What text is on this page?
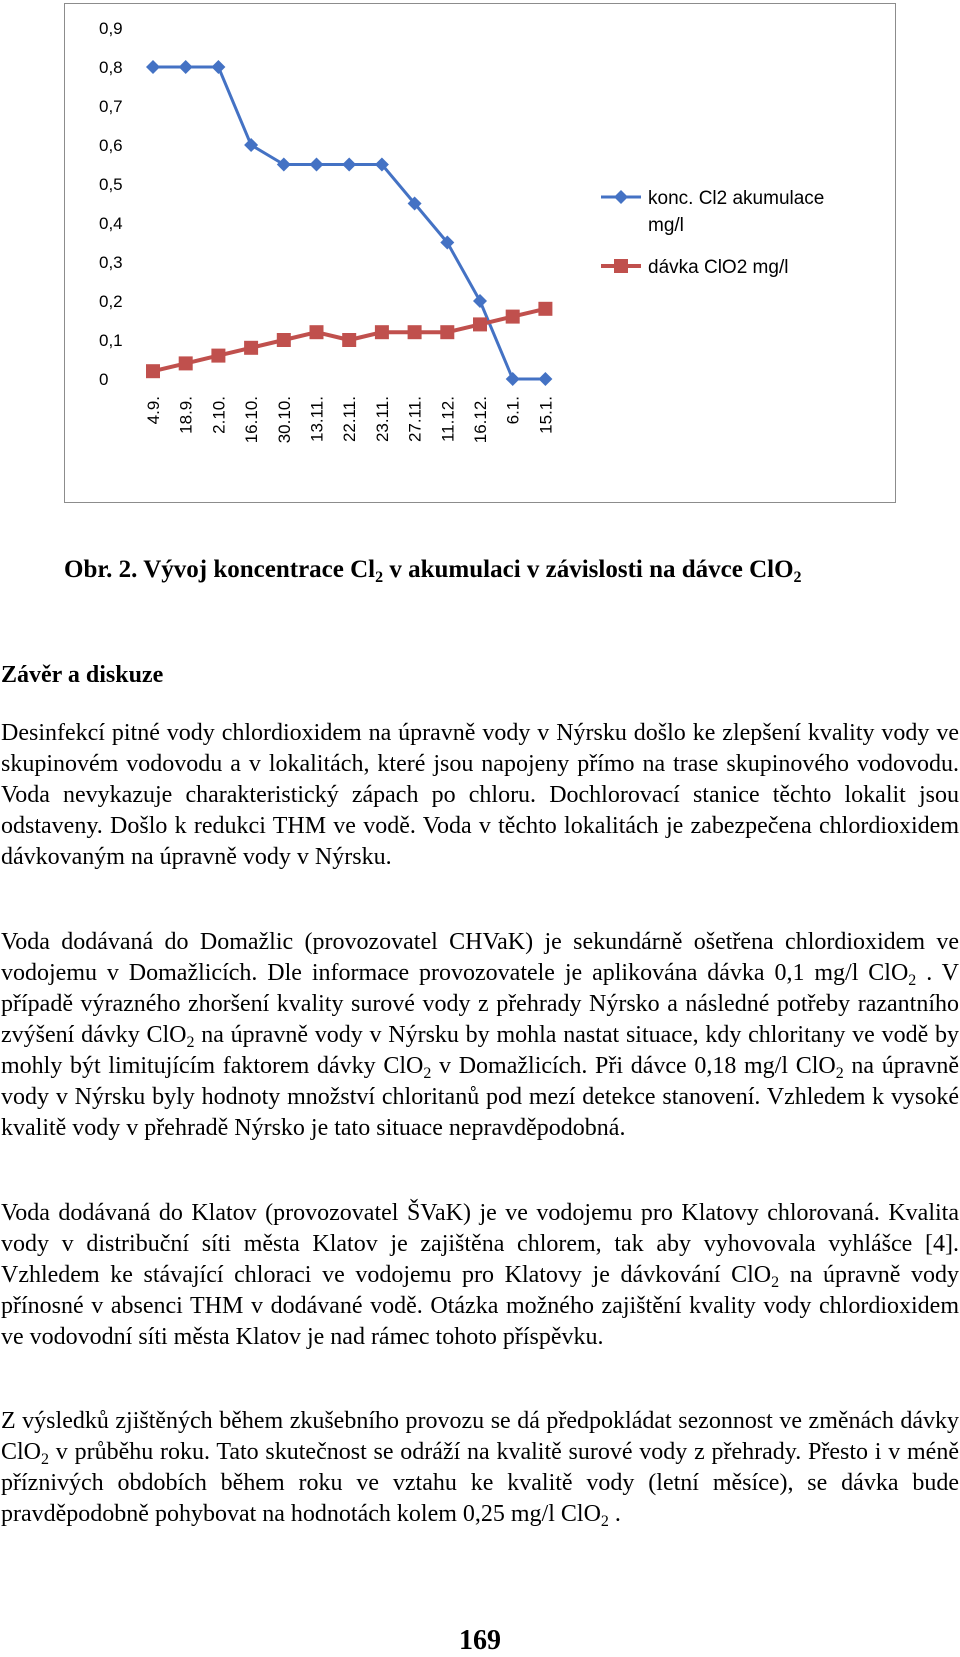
0
0,1
0,2
0,3
0,4
0,5
0,6
0,7
0,8
0,9
4.9. 18.9. 2.10. 16.10. 30.10. 13.11. 22.11. 23.11. 27.11. 11.12. 16.12. 6.1. 15.1.
konc. Cl2 akumulace
mg/l
dávka ClO2 mg/l
Obr. 2. Vývoj koncentrace $Cl_2$ v akumulaci v závislosti na dávce ClO$_2$
Závěr a diskuze

Desinfekcí pitné vody chlordioxidem na úpravně vody v Nýrsku došlo ke zlepšení kvality vody ve skupinovém vodovodu a v lokalitách, které jsou napojeny přímo na trase skupinového vodovodu. Voda nevykazuje charakteristický zápach po chloru. Dochlorovací stanice těchto lokalit jsou odstaveny. Došlo k redukci THM ve vodě. Voda v těchto lokalitách je zabezpečena chlordioxidem dávkovaným na úpravně vody v Nýrsku.

Voda dodávaná do Domažlic (provozovatel CHVaK) je sekundárně ošetřena chlordioxidem ve vodojemu v Domažlicích. Dle informace provozovatele je aplikována dávka 0,1 mg/l ClO$_2$ . V případě výrazného zhoršení kvality surové vody z přehrady Nýrsko a následné potřeby razantního zvýšení dávky ClO$_2$ na úpravně vody v Nýrsku by mohla nastat situace, kdy chloritany ve vodě by mohly být limitujícím faktorem dávky ClO$_2$ v Domažlicích. Při dávce 0,18 mg/l ClO$_2$ na úpravně vody v Nýrsku byly hodnoty množství chloritanů pod mezí detekce stanovení. Vzhledem k vysoké kvalitě vody v přehradě Nýrsko je tato situace nepravděpodobná.

Voda dodávaná do Klatov (provozovatel ŠVaK) je ve vodojemu pro Klatovy chlorovaná. Kvalita vody v distribuční síti města Klatov je zajištěna chlorem, tak aby vyhovovala vyhlášce [4]. Vzhledem ke stávající chloraci ve vodojemu pro Klatovy je dávkování ClO$_2$ na úpravně vody přínosné v absenci THM v dodávané vodě. Otázka možného zajištění kvality vody chlordioxidem ve vodovodní síti města Klatov je nad rámec tohoto příspěvku.

Z výsledků zjištěných během zkušebního provozu se dá předpokládat sezonnost ve změnách dávky ClO$_2$ v průběhu roku. Tato skutečnost se odráží na kvalitě surové vody z přehrady. Přesto i v méně příznivých obdobích během roku ve vztahu ke kvalitě vody (letní měsíce), se dávka bude pravděpodobně pohybovat na hodnotách kolem 0,25 mg/l ClO$_2$ .

169
